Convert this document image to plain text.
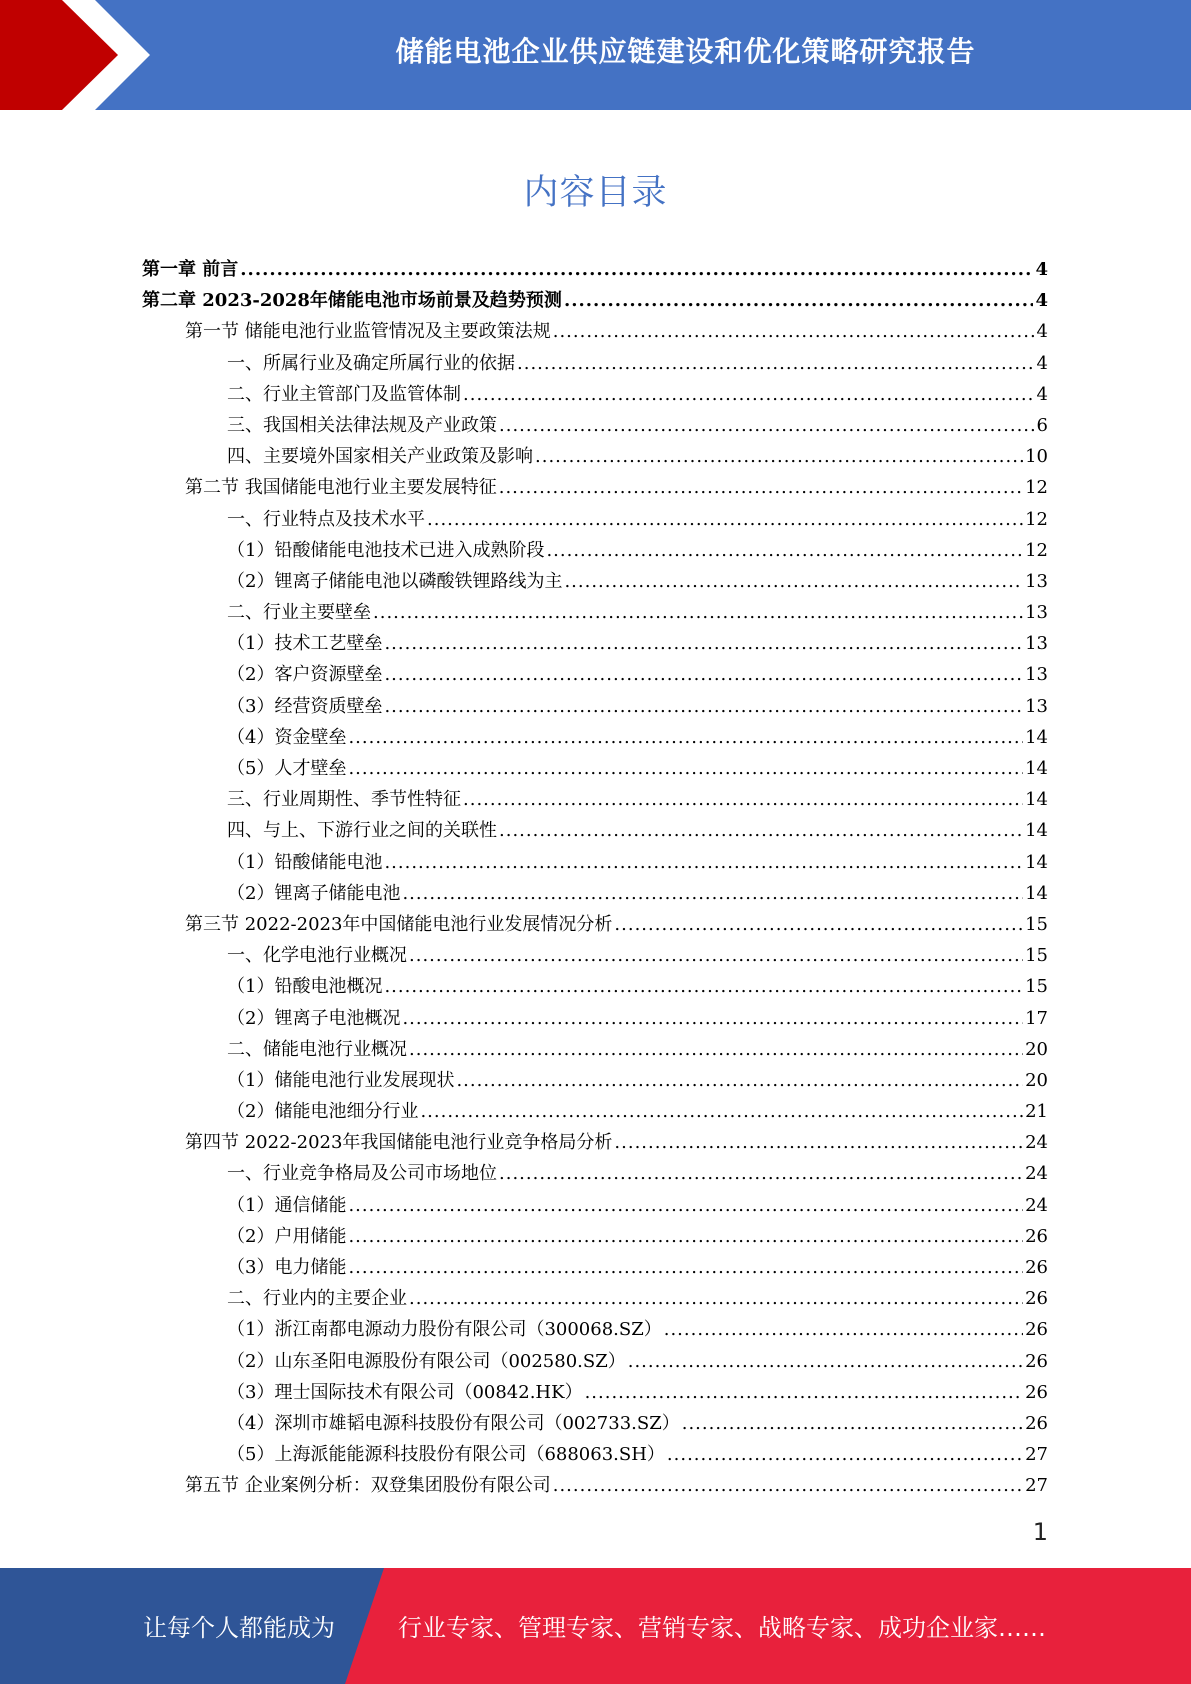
储能电池企业供应链建设和优化策略研究报告
内容目录
第一章 前言 .....	4
第二章 2023-2028年储能电池市场前景及趋势预测 .....	4
第一节 储能电池行业监管情况及主要政策法规 .....	4
一、所属行业及确定所属行业的依据 .....	4
二、行业主管部门及监管体制 .....	4
三、我国相关法律法规及产业政策 .....	6
四、主要境外国家相关产业政策及影响 .....	10
第二节 我国储能电池行业主要发展特征 .....	12
一、行业特点及技术水平 .....	12
（1）铅酸储能电池技术已进入成熟阶段 .....	12
（2）锂离子储能电池以磷酸铁锂路线为主 .....	13
二、行业主要壁垒 .....	13
（1）技术工艺壁垒 .....	13
（2）客户资源壁垒 .....	13
（3）经营资质壁垒 .....	13
（4）资金壁垒 .....	14
（5）人才壁垒 .....	14
三、行业周期性、季节性特征 .....	14
四、与上、下游行业之间的关联性 .....	14
（1）铅酸储能电池 .....	14
（2）锂离子储能电池 .....	14
第三节 2022-2023年中国储能电池行业发展情况分析 .....	15
一、化学电池行业概况 .....	15
（1）铅酸电池概况 .....	15
（2）锂离子电池概况 .....	17
二、储能电池行业概况 .....	20
（1）储能电池行业发展现状 .....	20
（2）储能电池细分行业 .....	21
第四节 2022-2023年我国储能电池行业竞争格局分析 .....	24
一、行业竞争格局及公司市场地位 .....	24
（1）通信储能 .....	24
（2）户用储能 .....	26
（3）电力储能 .....	26
二、行业内的主要企业 .....	26
（1）浙江南都电源动力股份有限公司（300068.SZ） .....	26
（2）山东圣阳电源股份有限公司（002580.SZ） .....	26
（3）理士国际技术有限公司（00842.HK） .....	26
（4）深圳市雄韬电源科技股份有限公司（002733.SZ） .....	26
（5）上海派能能源科技股份有限公司（688063.SH） .....	27
第五节 企业案例分析：双登集团股份有限公司 .....	27
1
让每个人都能成为	行业专家、管理专家、营销专家、战略专家、成功企业家……
